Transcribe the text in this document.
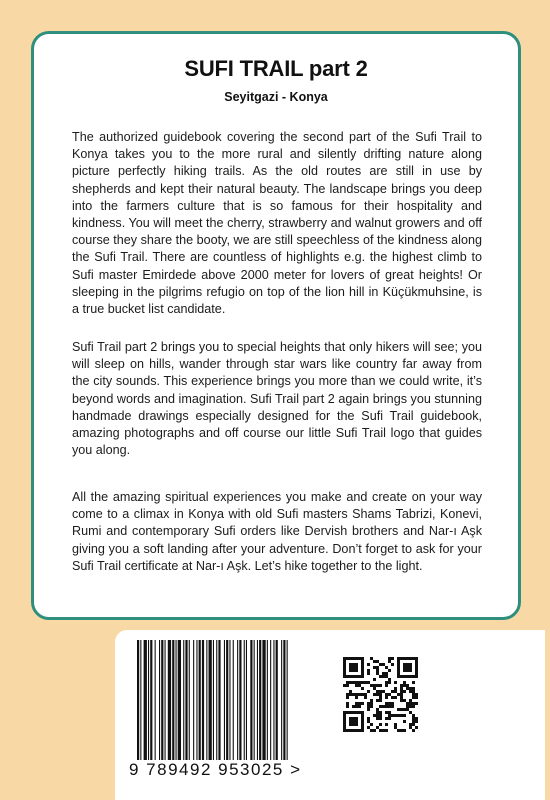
SUFI TRAIL part 2
Seyitgazi - Konya
The authorized guidebook covering the second part of the Sufi Trail to Konya takes you to the more rural and silently drifting nature along picture perfectly hiking trails. As the old routes are still in use by shepherds and kept their natural beauty. The landscape brings you deep into the farmers culture that is so famous for their hospitality and kindness. You will meet the cherry, strawberry and walnut growers and off course they share the booty, we are still speechless of the kindness along the Sufi Trail. There are countless of highlights e.g. the highest climb to Sufi master Emirdede above 2000 meter for lovers of great heights! Or sleeping in the pilgrims refugio on top of the lion hill in Küçükmuhsine, is a true bucket list candidate.
Sufi Trail part 2 brings you to special heights that only hikers will see; you will sleep on hills, wander through star wars like country far away from the city sounds. This experience brings you more than we could write, it’s beyond words and imagination. Sufi Trail part 2 again brings you stunning handmade drawings especially designed for the Sufi Trail guidebook, amazing photographs and off course our little Sufi Trail logo that guides you along.
All the amazing spiritual experiences you make and create on your way come to a climax in Konya with old Sufi masters Shams Tabrizi, Konevi, Rumi and contemporary Sufi orders like Dervish brothers and Nar-ı Aşk giving you a soft landing after your adventure. Don’t forget to ask for your Sufi Trail certificate at Nar-ı Aşk. Let’s hike together to the light.
9 789492 953025 >
